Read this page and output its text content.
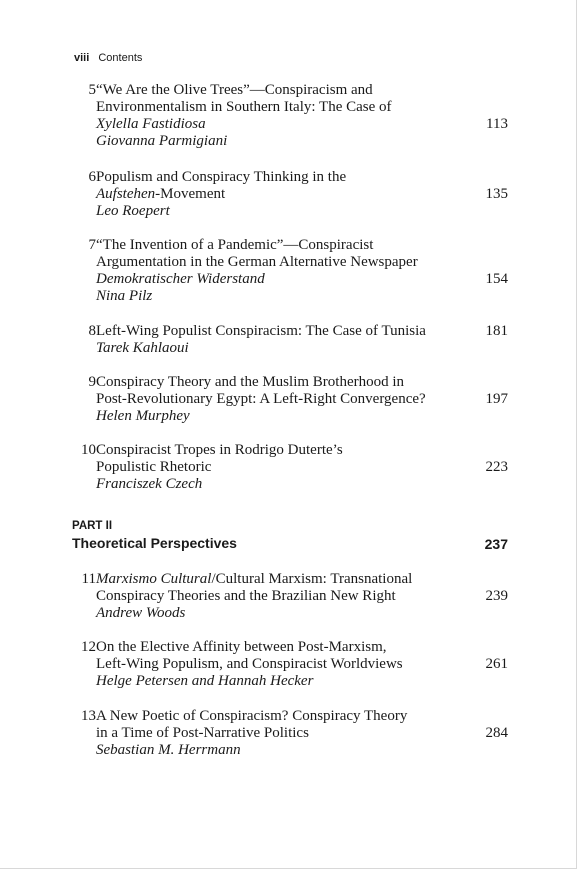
viii Contents
5 “We Are the Olive Trees”—Conspiracism and
Environmentalism in Southern Italy: The Case of
Xylella Fastidiosa
Giovanna Parmigiani
113
6 Populism and Conspiracy Thinking in the
Aufstehen-Movement
Leo Roepert
135
7 “The Invention of a Pandemic”—Conspiracist
Argumentation in the German Alternative Newspaper
Demokratischer Widerstand
Nina Pilz
154
8 Left-Wing Populist Conspiracism: The Case of Tunisia
Tarek Kahlaoui
181
9 Conspiracy Theory and the Muslim Brotherhood in
Post-Revolutionary Egypt: A Left-Right Convergence?
Helen Murphey
197
10 Conspiracist Tropes in Rodrigo Duterte’s
Populistic Rhetoric
Franciszek Czech
223
PART II
Theoretical Perspectives	237
11 Marxismo Cultural/Cultural Marxism: Transnational
Conspiracy Theories and the Brazilian New Right
Andrew Woods
239
12 On the Elective Affinity between Post-Marxism,
Left-Wing Populism, and Conspiracist Worldviews
Helge Petersen and Hannah Hecker
261
13 A New Poetic of Conspiracism? Conspiracy Theory
in a Time of Post-Narrative Politics
Sebastian M. Herrmann
284
